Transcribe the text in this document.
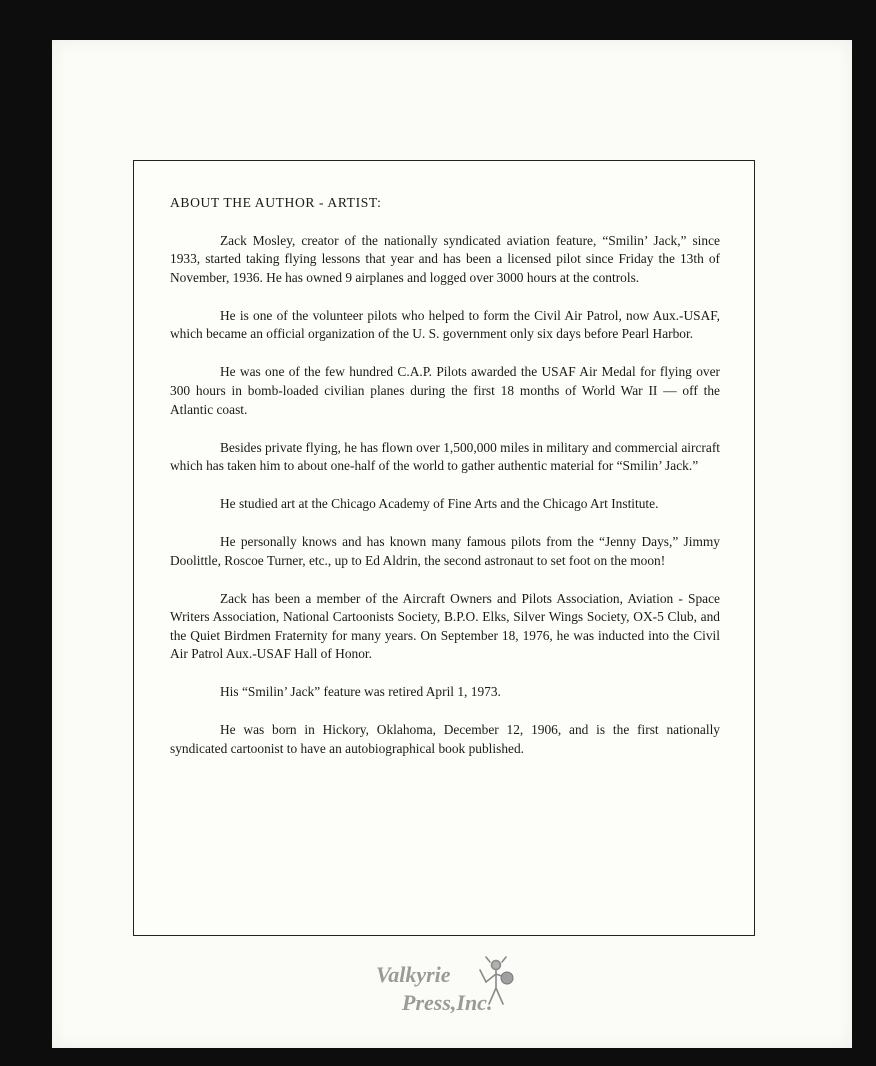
ABOUT THE AUTHOR - ARTIST:

Zack Mosley, creator of the nationally syndicated aviation feature, “Smilin’ Jack,” since 1933, started taking flying lessons that year and has been a licensed pilot since Friday the 13th of November, 1936. He has owned 9 airplanes and logged over 3000 hours at the controls.

He is one of the volunteer pilots who helped to form the Civil Air Patrol, now Aux.-USAF, which became an official organization of the U. S. government only six days before Pearl Harbor.

He was one of the few hundred C.A.P. Pilots awarded the USAF Air Medal for flying over 300 hours in bomb-loaded civilian planes during the first 18 months of World War II — off the Atlantic coast.

Besides private flying, he has flown over 1,500,000 miles in military and commercial aircraft which has taken him to about one-half of the world to gather authentic material for “Smilin’ Jack.”

He studied art at the Chicago Academy of Fine Arts and the Chicago Art Institute.

He personally knows and has known many famous pilots from the “Jenny Days,” Jimmy Doolittle, Roscoe Turner, etc., up to Ed Aldrin, the second astronaut to set foot on the moon!

Zack has been a member of the Aircraft Owners and Pilots Association, Aviation - Space Writers Association, National Cartoonists Society, B.P.O. Elks, Silver Wings Society, OX-5 Club, and the Quiet Birdmen Fraternity for many years. On September 18, 1976, he was inducted into the Civil Air Patrol Aux.-USAF Hall of Honor.

His “Smilin’ Jack” feature was retired April 1, 1973.

He was born in Hickory, Oklahoma, December 12, 1906, and is the first nationally syndicated cartoonist to have an autobiographical book published.

Valkyrie
Press,Inc.
